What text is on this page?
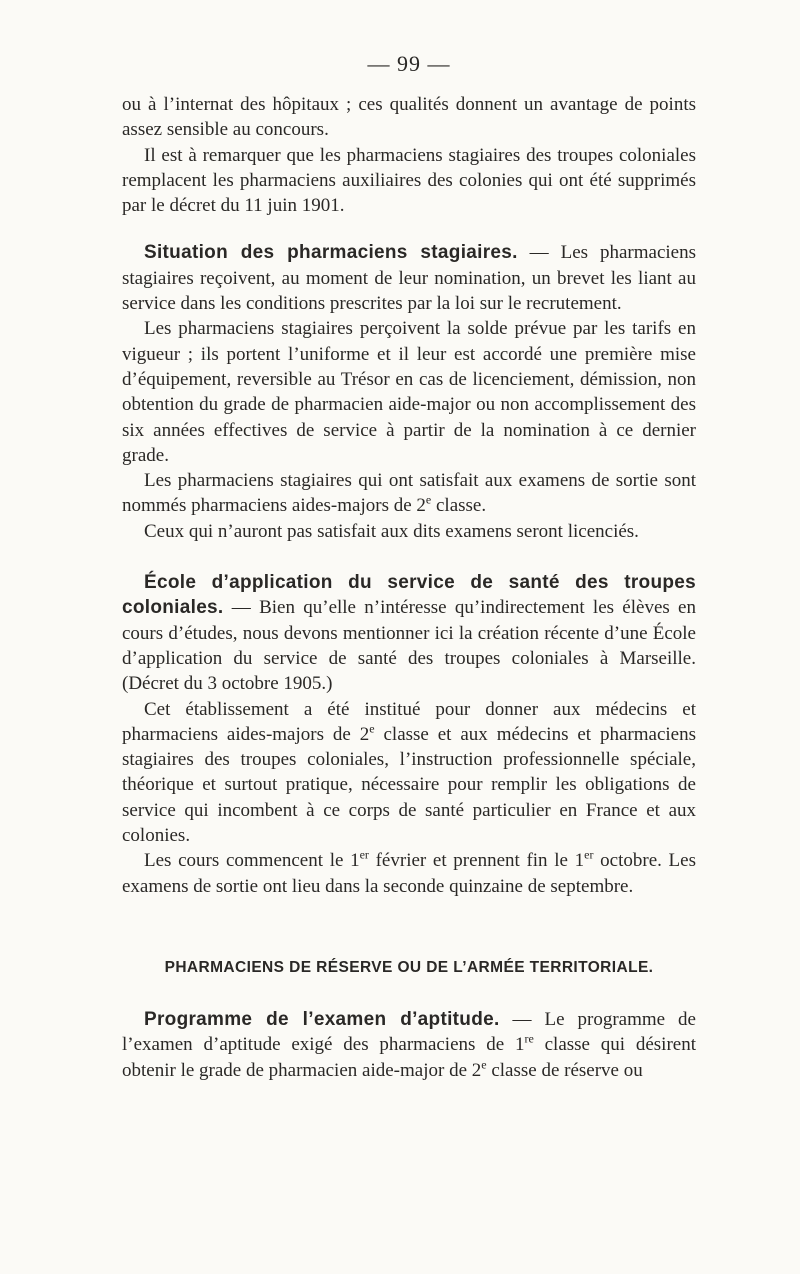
— 99 —

ou à l’internat des hôpitaux ; ces qualités donnent un avantage de points assez sensible au concours.

Il est à remarquer que les pharmaciens stagiaires des troupes coloniales remplacent les pharmaciens auxiliaires des colonies qui ont été supprimés par le décret du 11 juin 1901.

Situation des pharmaciens stagiaires. — Les pharmaciens stagiaires reçoivent, au moment de leur nomination, un brevet les liant au service dans les conditions prescrites par la loi sur le recrutement.

Les pharmaciens stagiaires perçoivent la solde prévue par les tarifs en vigueur ; ils portent l’uniforme et il leur est accordé une première mise d’équipement, reversible au Trésor en cas de licenciement, démission, non obtention du grade de pharmacien aide-major ou non accomplissement des six années effectives de service à partir de la nomination à ce dernier grade.

Les pharmaciens stagiaires qui ont satisfait aux examens de sortie sont nommés pharmaciens aides-majors de 2e classe.

Ceux qui n’auront pas satisfait aux dits examens seront licenciés.

École d’application du service de santé des troupes coloniales. — Bien qu’elle n’intéresse qu’indirectement les élèves en cours d’études, nous devons mentionner ici la création récente d’une École d’application du service de santé des troupes coloniales à Marseille. (Décret du 3 octobre 1905.)

Cet établissement a été institué pour donner aux médecins et pharmaciens aides-majors de 2e classe et aux médecins et pharmaciens stagiaires des troupes coloniales, l’instruction professionnelle spéciale, théorique et surtout pratique, nécessaire pour remplir les obligations de service qui incombent à ce corps de santé particulier en France et aux colonies.

Les cours commencent le 1er février et prennent fin le 1er octobre. Les examens de sortie ont lieu dans la seconde quinzaine de septembre.

PHARMACIENS DE RÉSERVE OU DE L’ARMÉE TERRITORIALE.

Programme de l’examen d’aptitude. — Le programme de l’examen d’aptitude exigé des pharmaciens de 1re classe qui désirent obtenir le grade de pharmacien aide-major de 2e classe de réserve ou
